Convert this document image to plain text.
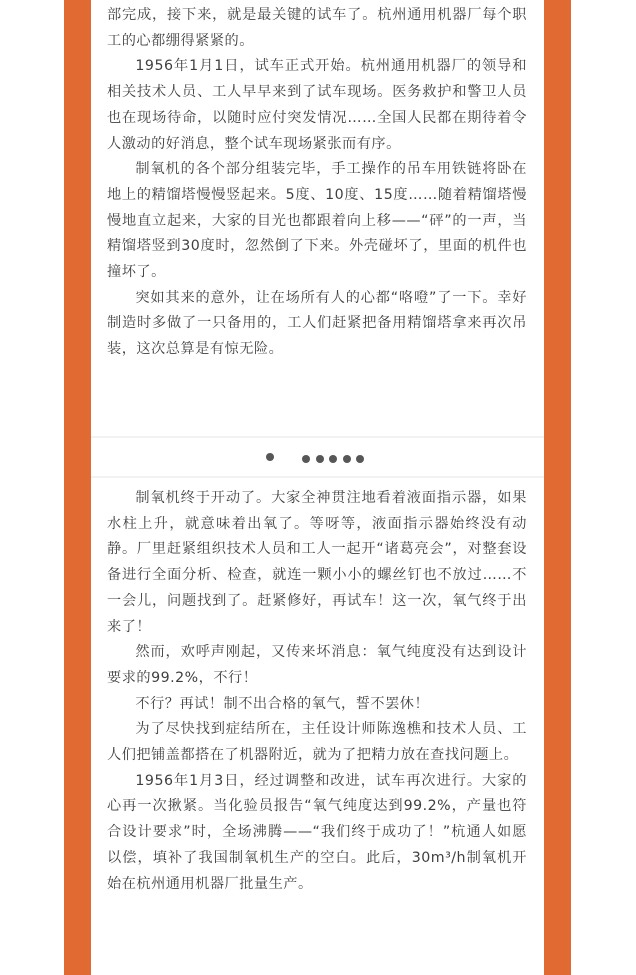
部完成，接下来，就是最关键的试车了。杭州通用机器厂每个职工的心都绷得紧紧的。

1956年1月1日，试车正式开始。杭州通用机器厂的领导和相关技术人员、工人早早来到了试车现场。医务救护和警卫人员也在现场待命，以随时应付突发情况……全国人民都在期待着令人激动的好消息，整个试车现场紧张而有序。

制氧机的各个部分组装完毕，手工操作的吊车用铁链将卧在地上的精馏塔慢慢竖起来。5度、10度、15度……随着精馏塔慢慢地直立起来，大家的目光也都跟着向上移——“砰”的一声，当精馏塔竖到30度时，忽然倒了下来。外壳碰坏了，里面的机件也撞坏了。

突如其来的意外，让在场所有人的心都“咯噔”了一下。幸好制造时多做了一只备用的，工人们赶紧把备用精馏塔拿来再次吊装，这次总算是有惊无险。

制氧机终于开动了。大家全神贯注地看着液面指示器，如果水柱上升，就意味着出氧了。等呀等，液面指示器始终没有动静。厂里赶紧组织技术人员和工人一起开“诸葛亮会”，对整套设备进行全面分析、检查，就连一颗小小的螺丝钉也不放过……不一会儿，问题找到了。赶紧修好，再试车！这一次，氧气终于出来了！

然而，欢呼声刚起，又传来坏消息：氧气纯度没有达到设计要求的99.2%，不行！

不行？再试！制不出合格的氧气，誓不罢休！

为了尽快找到症结所在，主任设计师陈逸樵和技术人员、工人们把铺盖都搭在了机器附近，就为了把精力放在查找问题上。

1956年1月3日，经过调整和改进，试车再次进行。大家的心再一次揪紧。当化验员报告“氧气纯度达到99.2%，产量也符合设计要求”时，全场沸腾——“我们终于成功了！”杭通人如愿以偿，填补了我国制氧机生产的空白。此后，30m³/h制氧机开始在杭州通用机器厂批量生产。
